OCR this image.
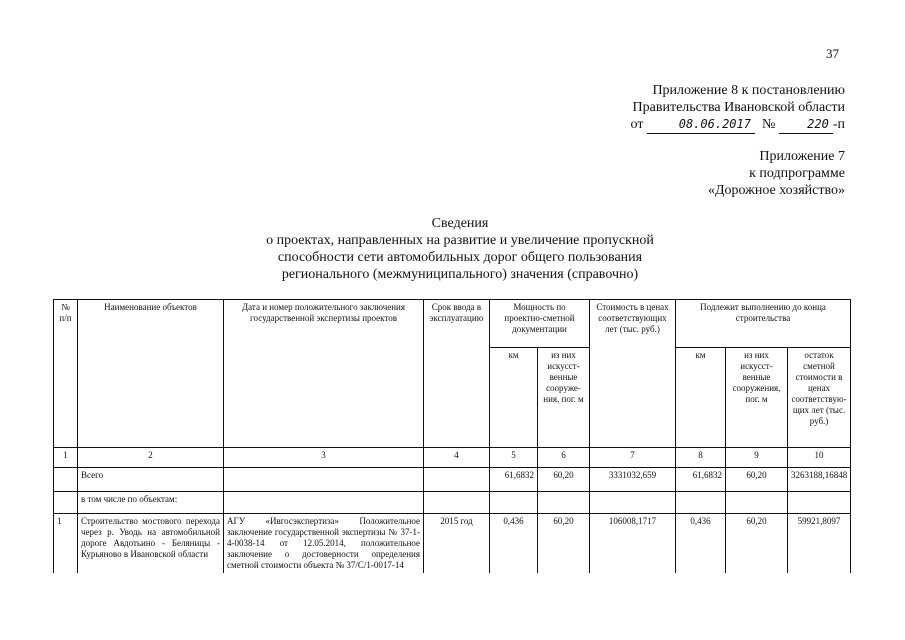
37
Приложение 8 к постановлению
Правительства Ивановской области
от	08.06.2017 №	220 -п
Приложение 7
к подпрограмме
«Дорожное хозяйство»
Сведения
о проектах, направленных на развитие и увеличение пропускной
способности сети автомобильных дорог общего пользования
регионального (межмуниципального) значения (справочно)
№ п/п	Наименование объектов	Дата и номер положительного заключения государственной экспертизы проектов	Срок ввода в эксплуатацию	Мощность по проектно-сметной документации		Стоимость в ценах соответствующих лет (тыс. руб.)	Подлежит выполнению до конца строительства		
				км	из них искусст-венные сооруже-ния, пог. м		км	из них искусст-венные сооружения, пог. м	остаток сметной стоимости в ценах соответствую-щих лет (тыс. руб.)
1	2	3	4	5	6	7	8	9	10
	Всего			61,6832	60,20	3331032,659	61,6832	60,20	3263188,16848
	в том числе по объектам:								
1	Строительство мостового перехода через р. Уводь на автомобильной дороге Авдотьино - Беляницы - Курьяново в Ивановской области	АГУ «Ивгосэкспертиза» Положительное заключение государственной экспертизы № 37-1-4-0038-14 от 12.05.2014, положительное заключение о достоверности определения сметной стоимости объекта № 37/С/1-0017-14	2015 год	0,436	60,20	106008,1717	0,436	60,20	59921,8097
